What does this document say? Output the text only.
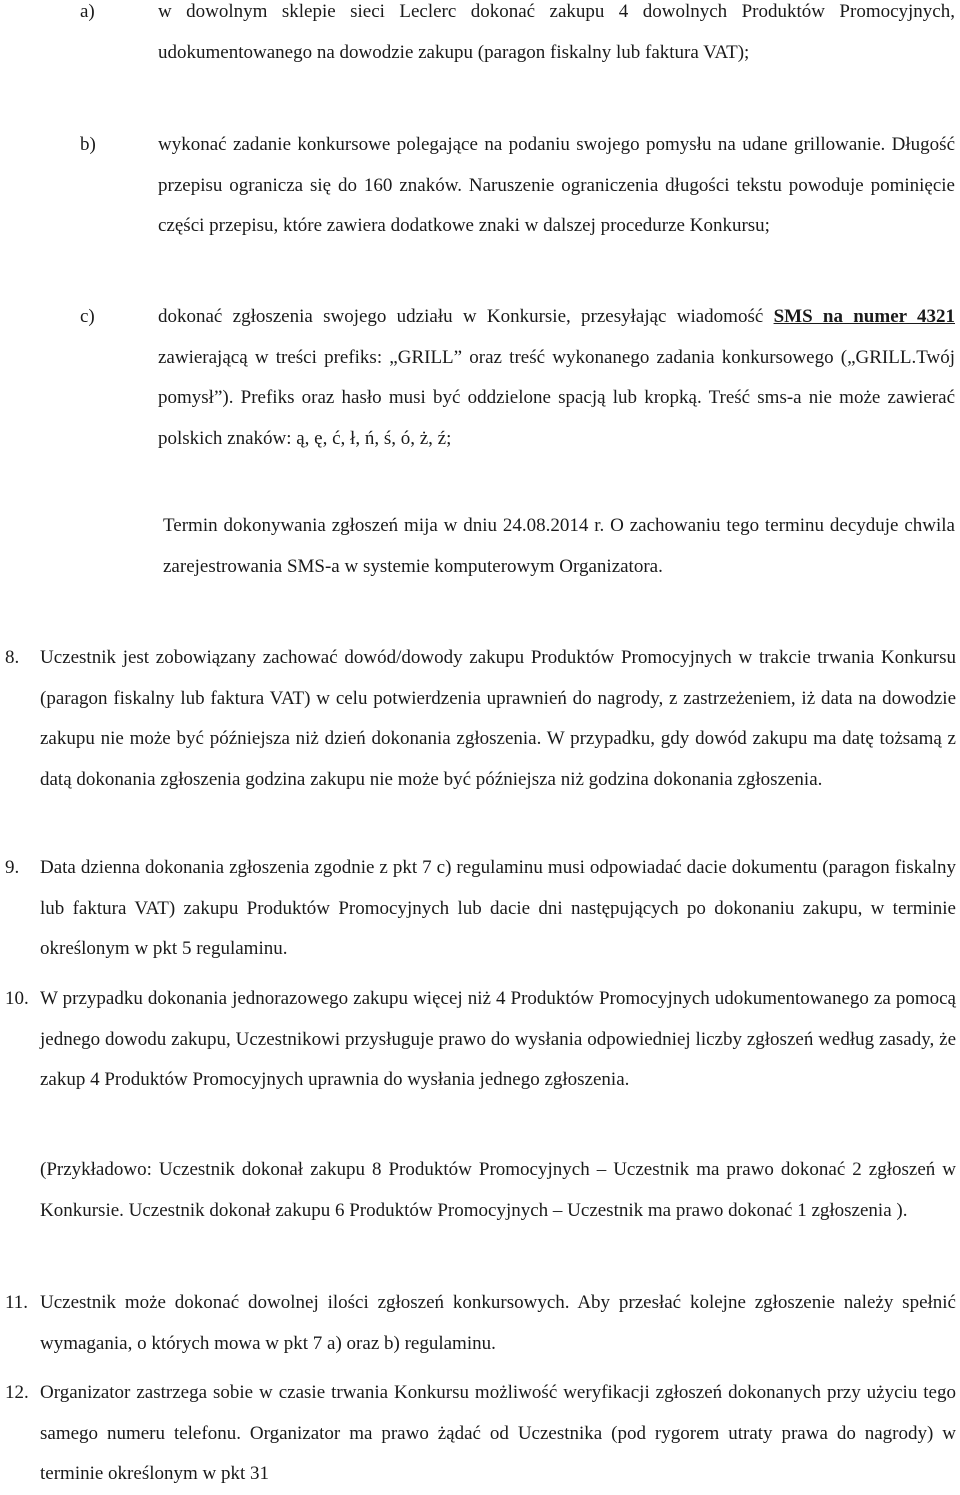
a)	w dowolnym sklepie sieci Leclerc dokonać zakupu 4 dowolnych Produktów Promocyjnych, udokumentowanego na dowodzie zakupu (paragon fiskalny lub faktura VAT);
b)	wykonać zadanie konkursowe polegające na podaniu swojego pomysłu na udane grillowanie. Długość przepisu ogranicza się do 160 znaków. Naruszenie ograniczenia długości tekstu powoduje pominięcie części przepisu, które zawiera dodatkowe znaki w dalszej procedurze Konkursu;
c)	dokonać zgłoszenia swojego udziału w Konkursie, przesyłając wiadomość SMS na numer 4321 zawierającą w treści prefiks: „GRILL” oraz treść wykonanego zadania konkursowego („GRILL.Twój pomysł”). Prefiks oraz hasło musi być oddzielone spacją lub kropką. Treść sms-a nie może zawierać polskich znaków: ą, ę, ć, ł, ń, ś, ó, ż, ź;
Termin dokonywania zgłoszeń mija w dniu 24.08.2014 r. O zachowaniu tego terminu decyduje chwila zarejestrowania SMS-a w systemie komputerowym Organizatora.
8. Uczestnik jest zobowiązany zachować dowód/dowody zakupu Produktów Promocyjnych w trakcie trwania Konkursu (paragon fiskalny lub faktura VAT) w celu potwierdzenia uprawnień do nagrody, z zastrzeżeniem, iż data na dowodzie zakupu nie może być późniejsza niż dzień dokonania zgłoszenia. W przypadku, gdy dowód zakupu ma datę tożsamą z datą dokonania zgłoszenia godzina zakupu nie może być późniejsza niż godzina dokonania zgłoszenia.
9. Data dzienna dokonania zgłoszenia zgodnie z pkt 7 c) regulaminu musi odpowiadać dacie dokumentu (paragon fiskalny lub faktura VAT) zakupu Produktów Promocyjnych lub dacie dni następujących po dokonaniu zakupu, w terminie określonym w pkt 5 regulaminu.
10. W przypadku dokonania jednorazowego zakupu więcej niż 4 Produktów Promocyjnych udokumentowanego za pomocą jednego dowodu zakupu, Uczestnikowi przysługuje prawo do wysłania odpowiedniej liczby zgłoszeń według zasady, że zakup 4 Produktów Promocyjnych uprawnia do wysłania jednego zgłoszenia.
(Przykładowo: Uczestnik dokonał zakupu 8 Produktów Promocyjnych – Uczestnik ma prawo dokonać 2 zgłoszeń w Konkursie. Uczestnik dokonał zakupu 6 Produktów Promocyjnych – Uczestnik ma prawo dokonać 1 zgłoszenia ).
11. Uczestnik może dokonać dowolnej ilości zgłoszeń konkursowych. Aby przesłać kolejne zgłoszenie należy spełnić wymagania, o których mowa w pkt 7 a) oraz b) regulaminu.
12. Organizator zastrzega sobie w czasie trwania Konkursu możliwość weryfikacji zgłoszeń dokonanych przy użyciu tego samego numeru telefonu. Organizator ma prawo żądać od Uczestnika (pod rygorem utraty prawa do nagrody) w terminie określonym w pkt 31
